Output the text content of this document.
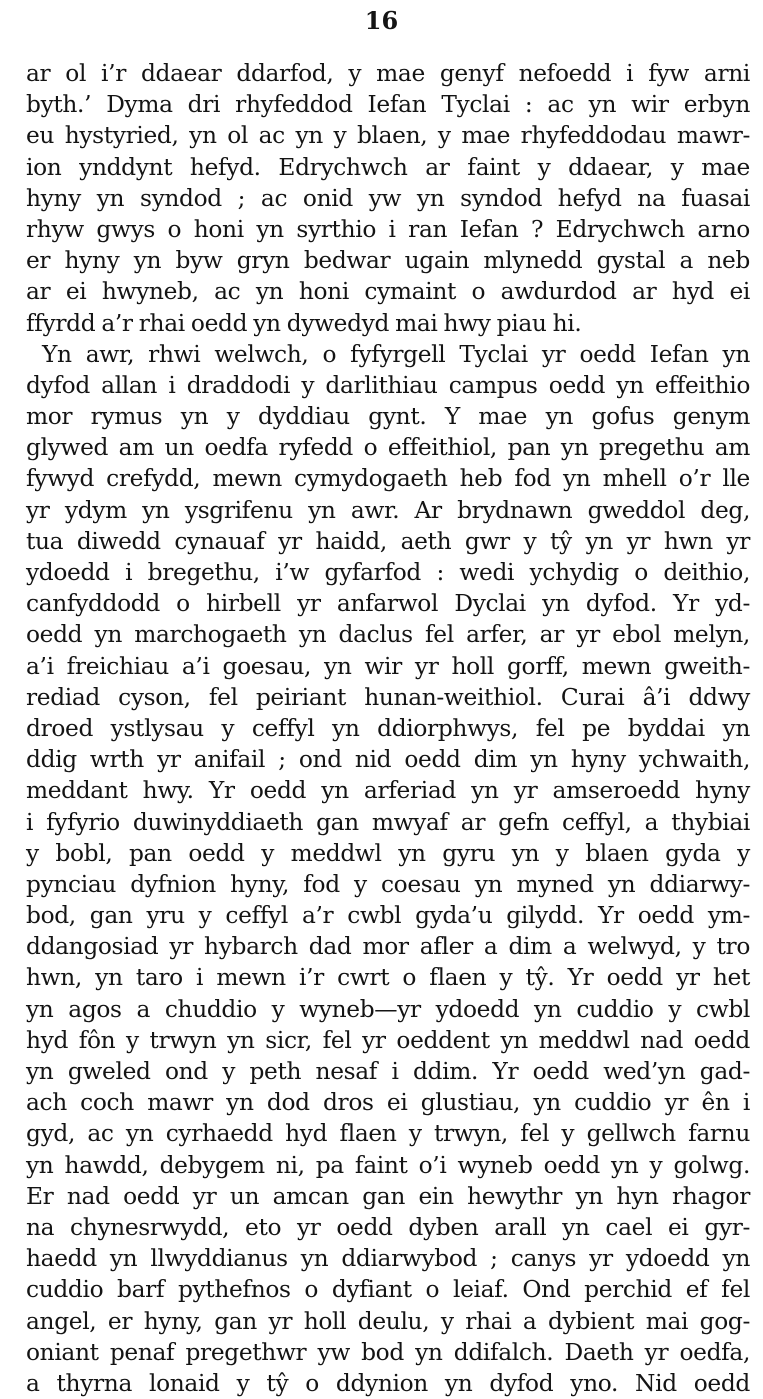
16
ar ol i’r ddaear ddarfod, y mae genyf nefoedd i fyw arni
byth.’ Dyma dri rhyfeddod Iefan Tyclai : ac yn wir erbyn
eu hystyried, yn ol ac yn y blaen, y mae rhyfeddodau mawr-
ion ynddynt hefyd. Edrychwch ar faint y ddaear, y mae
hyny yn syndod ; ac onid yw yn syndod hefyd na fuasai
rhyw gwys o honi yn syrthio i ran Iefan ? Edrychwch arno
er hyny yn byw gryn bedwar ugain mlynedd gystal a neb
ar ei hwyneb, ac yn honi cymaint o awdurdod ar hyd ei
ffyrdd a’r rhai oedd yn dywedyd mai hwy piau hi.
Yn awr, rhwi welwch, o fyfyrgell Tyclai yr oedd Iefan yn
dyfod allan i draddodi y darlithiau campus oedd yn effeithio
mor rymus yn y dyddiau gynt. Y mae yn gofus genym
glywed am un oedfa ryfedd o effeithiol, pan yn pregethu am
fywyd crefydd, mewn cymydogaeth heb fod yn mhell o’r lle
yr ydym yn ysgrifenu yn awr. Ar brydnawn gweddol deg,
tua diwedd cynauaf yr haidd, aeth gwr y tŷ yn yr hwn yr
ydoedd i bregethu, i’w gyfarfod : wedi ychydig o deithio,
canfyddodd o hirbell yr anfarwol Dyclai yn dyfod. Yr yd-
oedd yn marchogaeth yn daclus fel arfer, ar yr ebol melyn,
a’i freichiau a’i goesau, yn wir yr holl gorff, mewn gweith-
rediad cyson, fel peiriant hunan-weithiol. Curai â’i ddwy
droed ystlysau y ceffyl yn ddiorphwys, fel pe byddai yn
ddig wrth yr anifail ; ond nid oedd dim yn hyny ychwaith,
meddant hwy. Yr oedd yn arferiad yn yr amseroedd hyny
i fyfyrio duwinyddiaeth gan mwyaf ar gefn ceffyl, a thybiai
y bobl, pan oedd y meddwl yn gyru yn y blaen gyda y
pynciau dyfnion hyny, fod y coesau yn myned yn ddiarwy-
bod, gan yru y ceffyl a’r cwbl gyda’u gilydd. Yr oedd ym-
ddangosiad yr hybarch dad mor afler a dim a welwyd, y tro
hwn, yn taro i mewn i’r cwrt o flaen y tŷ. Yr oedd yr het
yn agos a chuddio y wyneb—yr ydoedd yn cuddio y cwbl
hyd fôn y trwyn yn sicr, fel yr oeddent yn meddwl nad oedd
yn gweled ond y peth nesaf i ddim. Yr oedd wed’yn gad-
ach coch mawr yn dod dros ei glustiau, yn cuddio yr ên i
gyd, ac yn cyrhaedd hyd flaen y trwyn, fel y gellwch farnu
yn hawdd, debygem ni, pa faint o’i wyneb oedd yn y golwg.
Er nad oedd yr un amcan gan ein hewythr yn hyn rhagor
na chynesrwydd, eto yr oedd dyben arall yn cael ei gyr-
haedd yn llwyddianus yn ddiarwybod ; canys yr ydoedd yn
cuddio barf pythefnos o dyfiant o leiaf. Ond perchid ef fel
angel, er hyny, gan yr holl deulu, y rhai a dybient mai gog-
oniant penaf pregethwr yw bod yn ddifalch. Daeth yr oedfa,
a thyrna lonaid y tŷ o ddynion yn dyfod yno. Nid oedd
